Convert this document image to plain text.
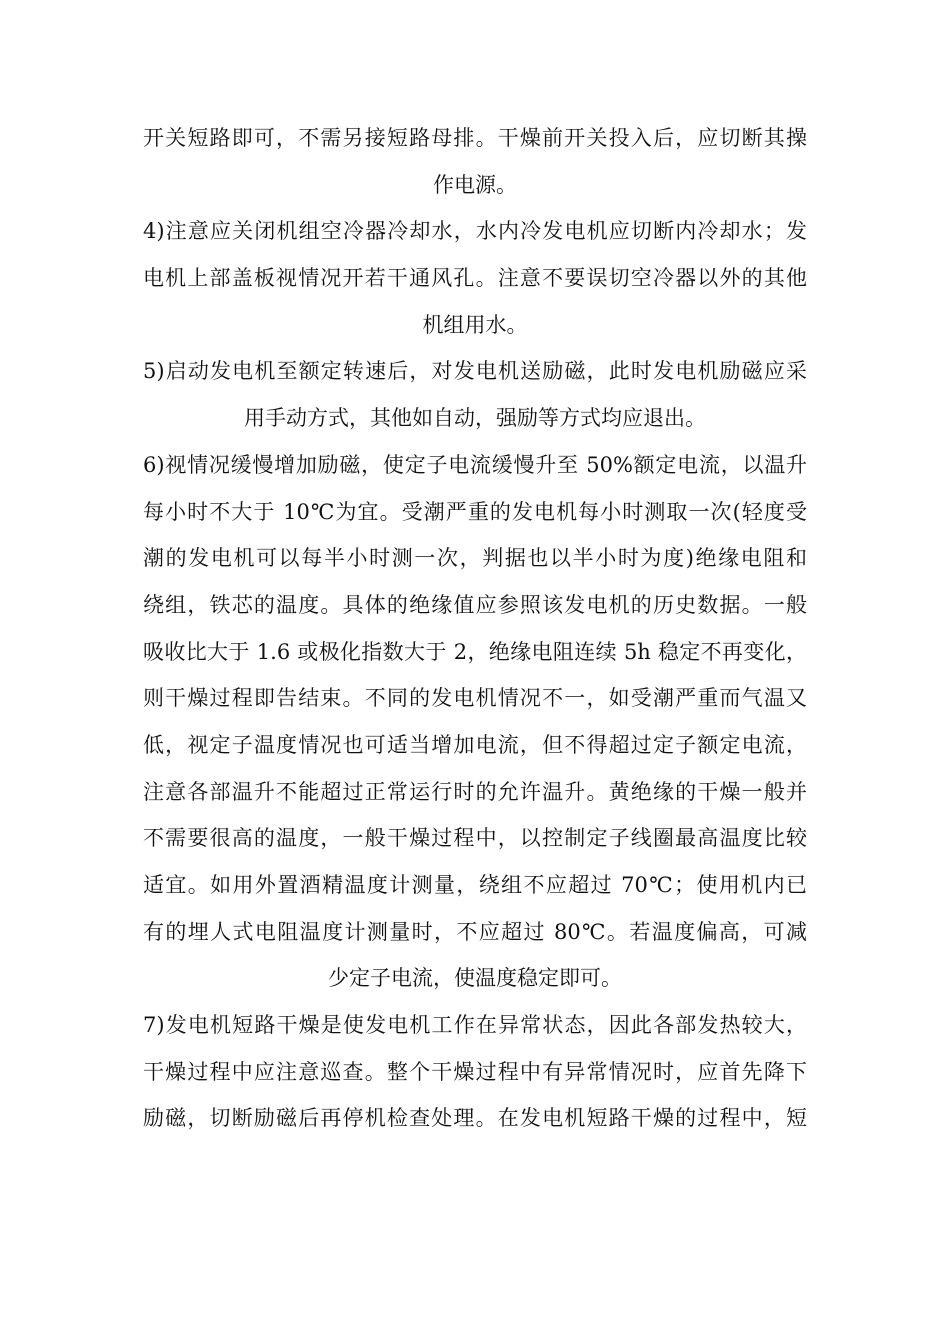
开关短路即可，不需另接短路母排。干燥前开关投入后，应切断其操
作电源。
4)注意应关闭机组空冷器冷却水，水内冷发电机应切断内冷却水；发
电机上部盖板视情况开若干通风孔。注意不要误切空冷器以外的其他
机组用水。
5)启动发电机至额定转速后，对发电机送励磁，此时发电机励磁应采
用手动方式，其他如自动，强励等方式均应退出。
6)视情况缓慢增加励磁，使定子电流缓慢升至 50%额定电流，以温升
每小时不大于 10℃为宜。受潮严重的发电机每小时测取一次(轻度受
潮的发电机可以每半小时测一次，判据也以半小时为度)绝缘电阻和
绕组，铁芯的温度。具体的绝缘值应参照该发电机的历史数据。一般
吸收比大于 1.6 或极化指数大于 2，绝缘电阻连续 5h 稳定不再变化，
则干燥过程即告结束。不同的发电机情况不一，如受潮严重而气温又
低，视定子温度情况也可适当增加电流，但不得超过定子额定电流，
注意各部温升不能超过正常运行时的允许温升。黄绝缘的干燥一般并
不需要很高的温度，一般干燥过程中，以控制定子线圈最高温度比较
适宜。如用外置酒精温度计测量，绕组不应超过 70℃；使用机内已
有的埋人式电阻温度计测量时，不应超过 80℃。若温度偏高，可减
少定子电流，使温度稳定即可。
7)发电机短路干燥是使发电机工作在异常状态，因此各部发热较大，
干燥过程中应注意巡查。整个干燥过程中有异常情况时，应首先降下
励磁，切断励磁后再停机检查处理。在发电机短路干燥的过程中，短
